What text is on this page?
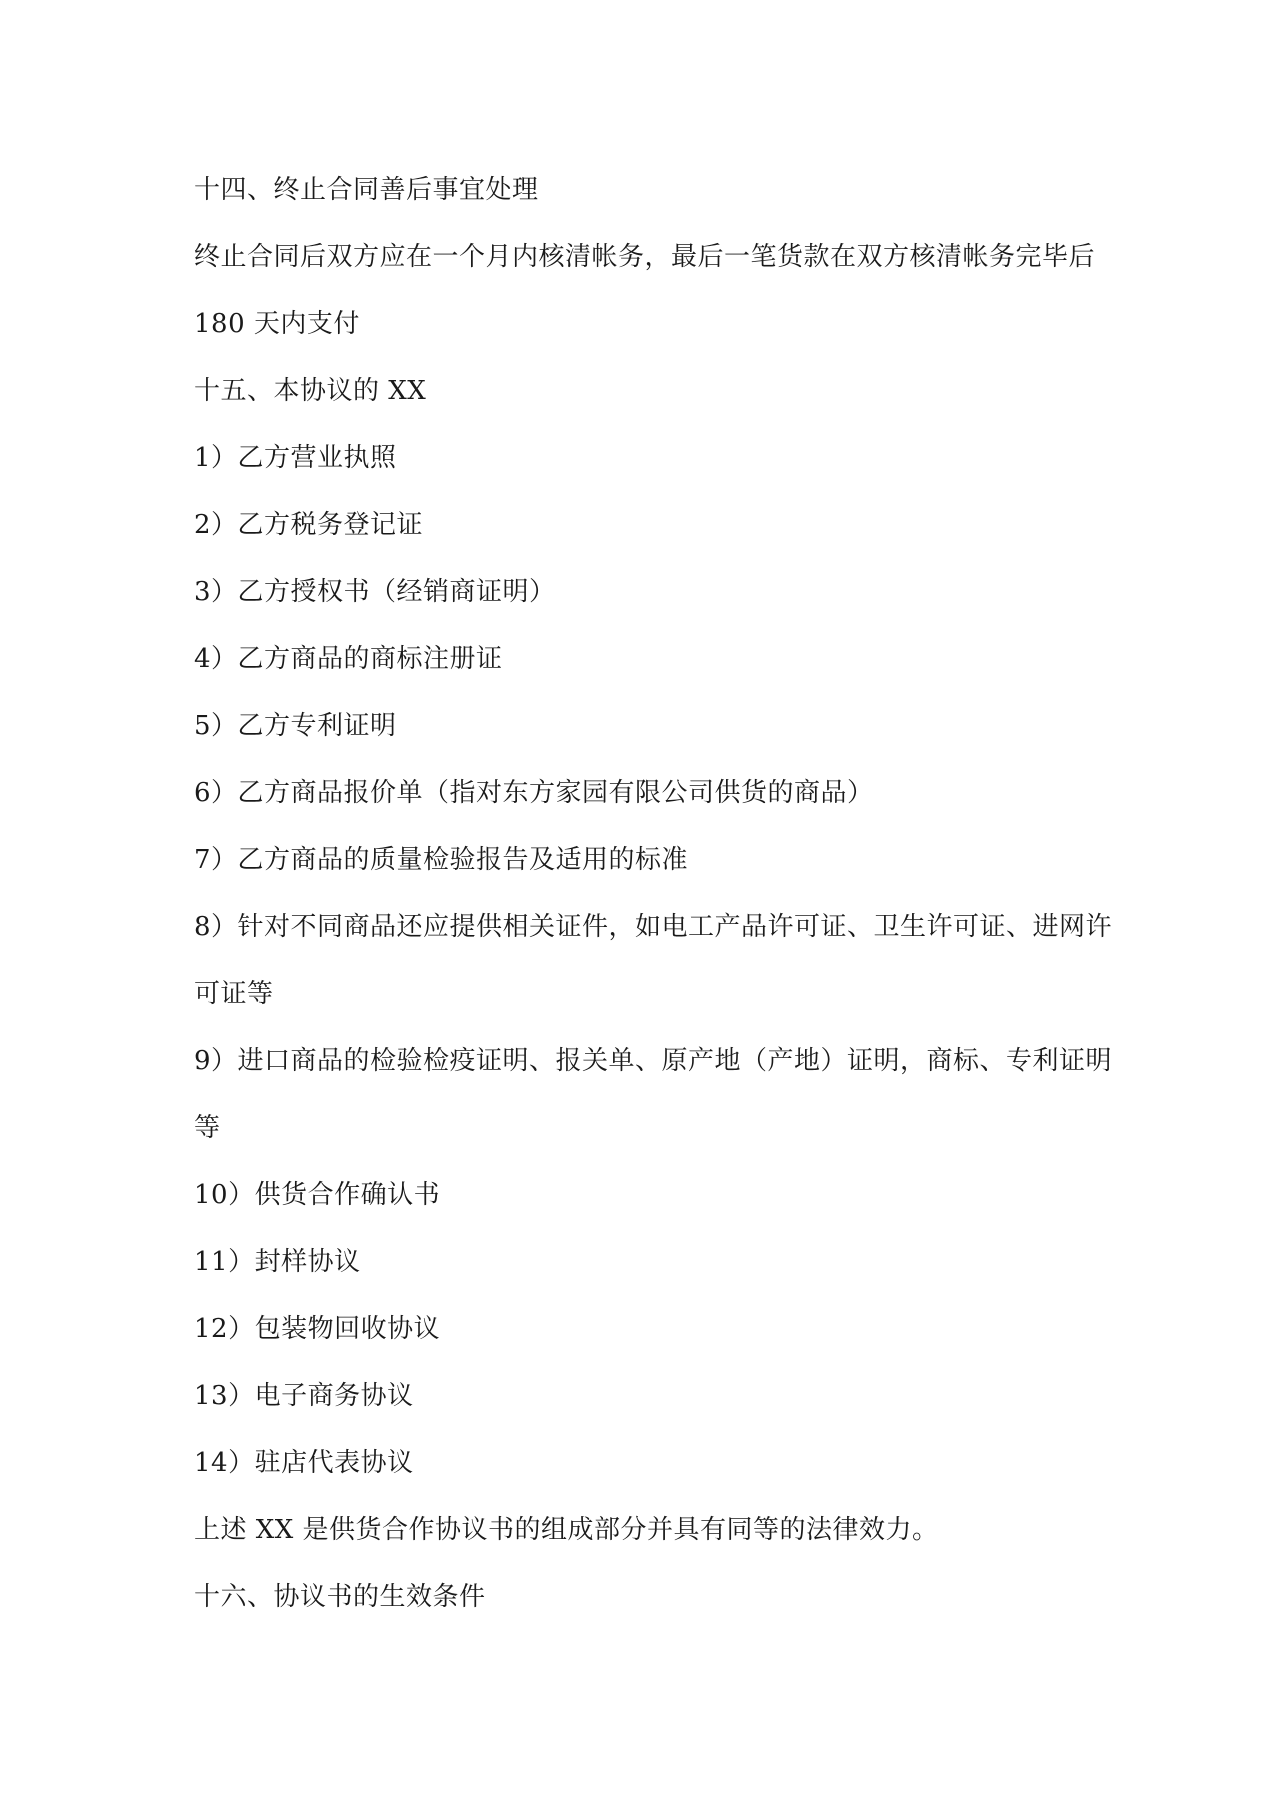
十四、终止合同善后事宜处理
终止合同后双方应在一个月内核清帐务，最后一笔货款在双方核清帐务完毕后
180 天内支付
十五、本协议的 XX
1）乙方营业执照
2）乙方税务登记证
3）乙方授权书（经销商证明）
4）乙方商品的商标注册证
5）乙方专利证明
6）乙方商品报价单（指对东方家园有限公司供货的商品）
7）乙方商品的质量检验报告及适用的标准
8）针对不同商品还应提供相关证件，如电工产品许可证、卫生许可证、进网许
可证等
9）进口商品的检验检疫证明、报关单、原产地（产地）证明，商标、专利证明
等
10）供货合作确认书
11）封样协议
12）包装物回收协议
13）电子商务协议
14）驻店代表协议
上述 XX 是供货合作协议书的组成部分并具有同等的法律效力。
十六、协议书的生效条件
